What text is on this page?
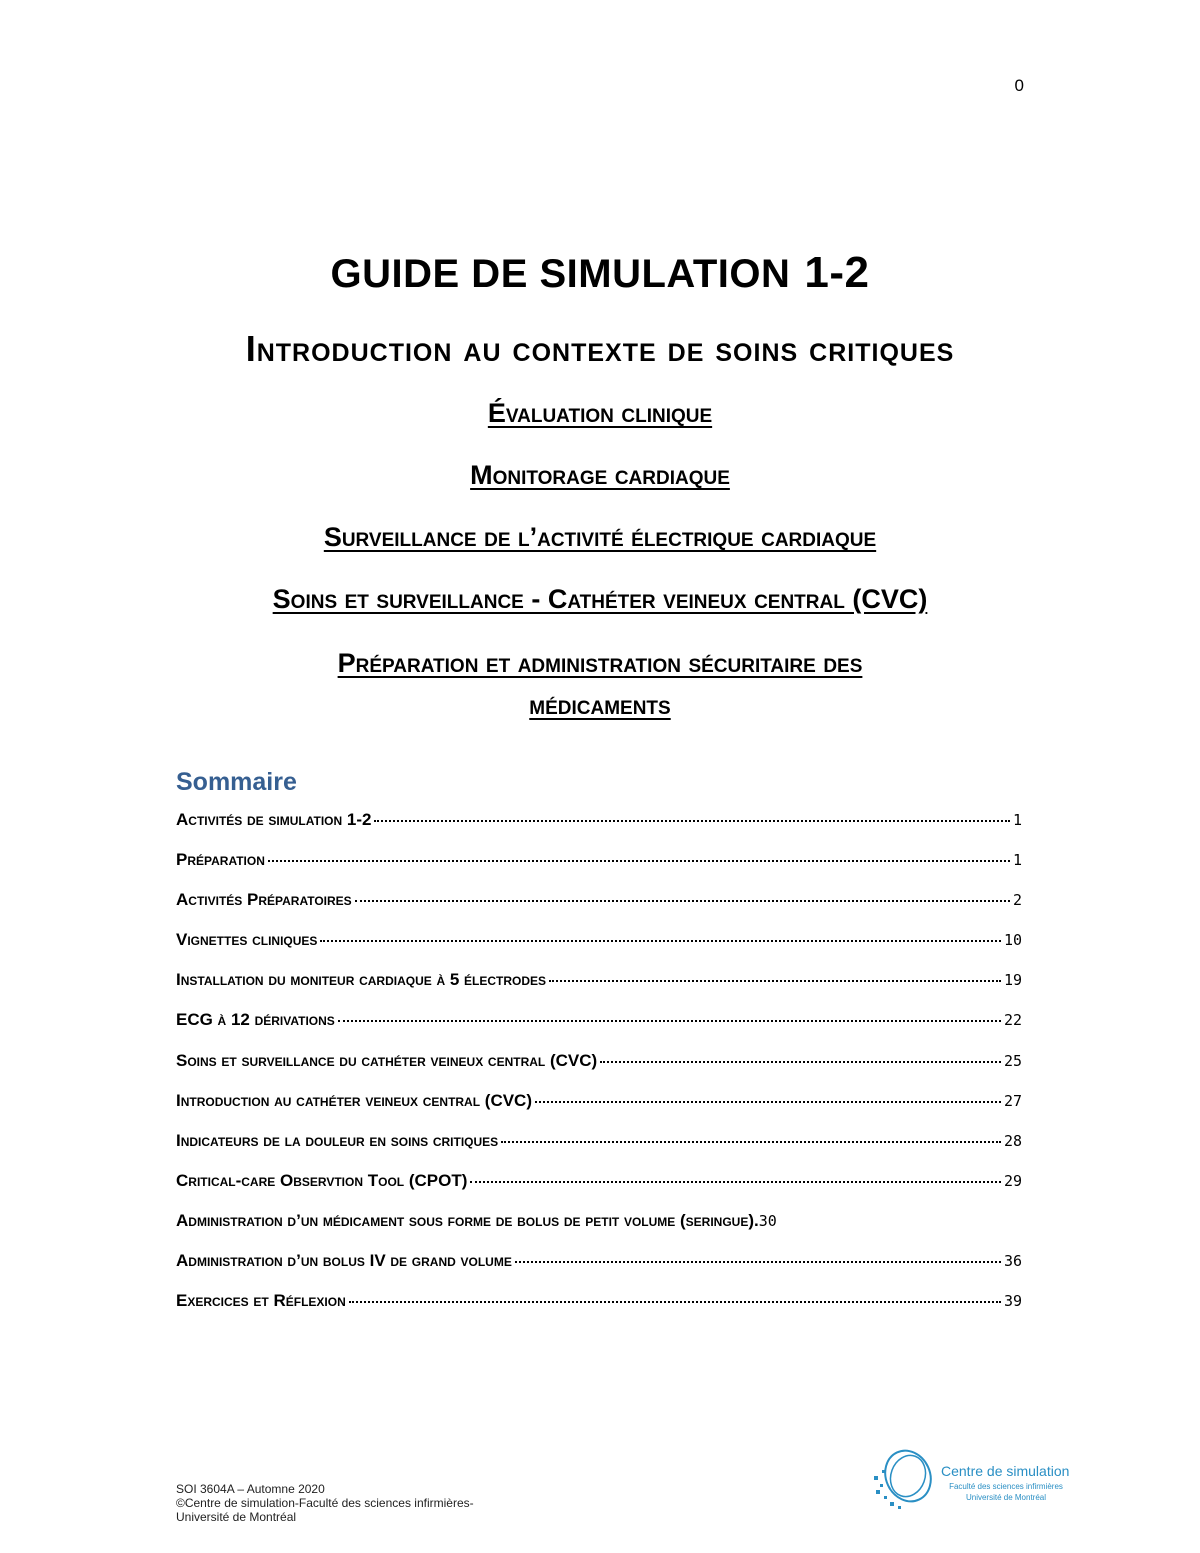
0
GUIDE DE SIMULATION 1-2
Introduction au contexte de soins critiques
Évaluation clinique
Monitorage cardiaque
Surveillance de l’activité électrique cardiaque
Soins et surveillance - Cathéter veineux central (CVC)
Préparation et administration sécuritaire des
médicaments
Sommaire
Activités de simulation 1-2	1
Préparation	1
Activités Préparatoires	2
Vignettes cliniques	10
Installation du moniteur cardiaque à 5 électrodes	19
ECG à 12 dérivations	22
Soins et surveillance du cathéter veineux central (CVC)	25
Introduction au cathéter veineux central (CVC)	27
Indicateurs de la douleur en soins critiques	28
Critical-care Observtion Tool (CPOT)	29
Administration d’un médicament sous forme de bolus de petit volume (seringue) . 30
Administration d’un bolus IV de grand volume	36
Exercices et Réflexion	39
SOI 3604A – Automne 2020
©Centre de simulation-Faculté des sciences infirmières-
Université de Montréal
Centre de simulation
Faculté des sciences infirmières
Université de Montréal
